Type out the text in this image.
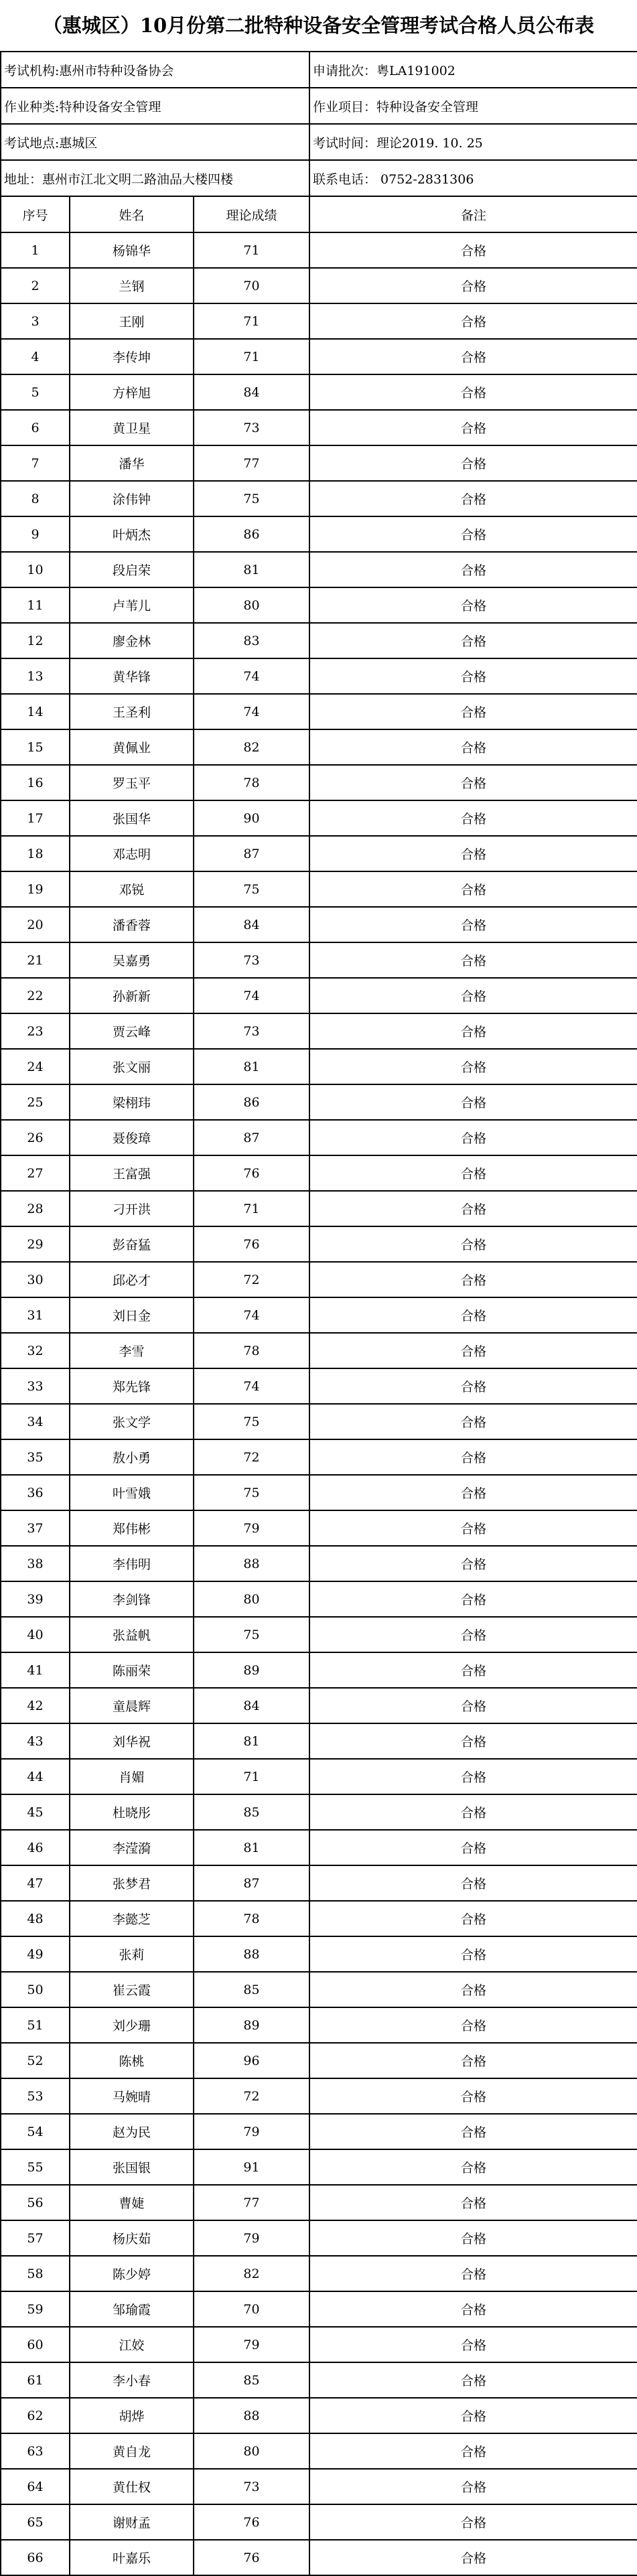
（惠城区）10月份第二批特种设备安全管理考试合格人员公布表
考试机构:惠州市特种设备协会			申请批次：粤LA191002
作业种类:特种设备安全管理			作业项目：特种设备安全管理
考试地点:惠城区			考试时间：理论2019. 10. 25
地址：惠州市江北文明二路油品大楼四楼			联系电话： 0752-2831306
序号	姓名	理论成绩	备注
1	杨锦华	71	合格
2	兰钢	70	合格
3	王刚	71	合格
4	李传坤	71	合格
5	方梓旭	84	合格
6	黄卫星	73	合格
7	潘华	77	合格
8	涂伟钟	75	合格
9	叶炳杰	86	合格
10	段启荣	81	合格
11	卢苇儿	80	合格
12	廖金林	83	合格
13	黄华锋	74	合格
14	王圣利	74	合格
15	黄佩业	82	合格
16	罗玉平	78	合格
17	张国华	90	合格
18	邓志明	87	合格
19	邓锐	75	合格
20	潘香蓉	84	合格
21	吴嘉勇	73	合格
22	孙新新	74	合格
23	贾云峰	73	合格
24	张文丽	81	合格
25	梁栩玮	86	合格
26	聂俊璋	87	合格
27	王富强	76	合格
28	刁开洪	71	合格
29	彭奋猛	76	合格
30	邱必才	72	合格
31	刘日金	74	合格
32	李雪	78	合格
33	郑先锋	74	合格
34	张文学	75	合格
35	敖小勇	72	合格
36	叶雪娥	75	合格
37	郑伟彬	79	合格
38	李伟明	88	合格
39	李剑锋	80	合格
40	张益帆	75	合格
41	陈丽荣	89	合格
42	童晨辉	84	合格
43	刘华祝	81	合格
44	肖媚	71	合格
45	杜晓彤	85	合格
46	李滢漪	81	合格
47	张梦君	87	合格
48	李懿芝	78	合格
49	张莉	88	合格
50	崔云霞	85	合格
51	刘少珊	89	合格
52	陈桃	96	合格
53	马婉晴	72	合格
54	赵为民	79	合格
55	张国银	91	合格
56	曹婕	77	合格
57	杨庆茹	79	合格
58	陈少婷	82	合格
59	邹瑜霞	70	合格
60	江姣	79	合格
61	李小春	85	合格
62	胡烨	88	合格
63	黄自龙	80	合格
64	黄仕权	73	合格
65	谢财孟	76	合格
66	叶嘉乐	76	合格
